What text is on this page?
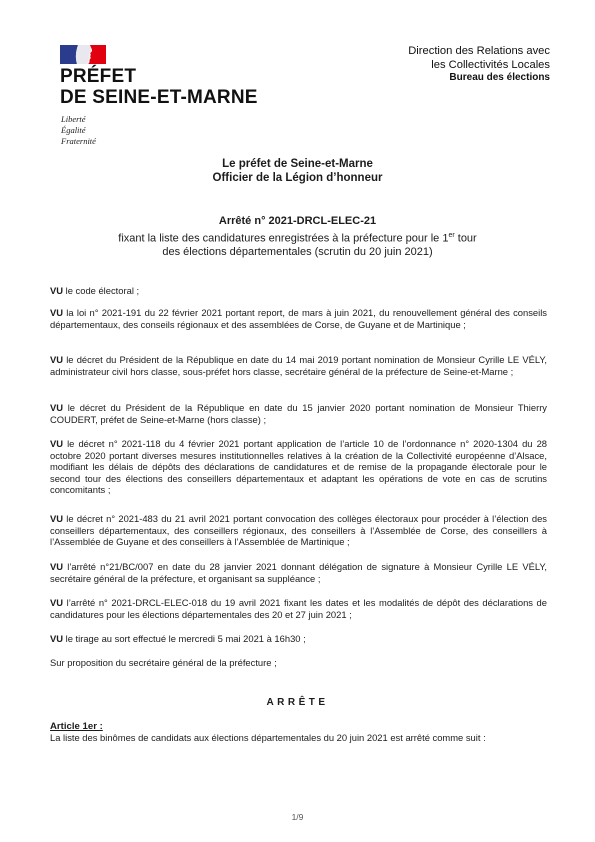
PRÉFET
DE SEINE-ET-MARNE
Liberté
Égalité
Fraternité
Direction des Relations avec
les Collectivités Locales
Bureau des élections
Le préfet de Seine-et-Marne
Officier de la Légion d’honneur
Arrêté n° 2021-DRCL-ELEC-21
fixant la liste des candidatures enregistrées à la préfecture pour le 1er tour
des élections départementales (scrutin du 20 juin 2021)
VU le code électoral ;
VU la loi n° 2021-191 du 22 février 2021 portant report, de mars à juin 2021, du renouvellement général des conseils départementaux, des conseils régionaux et des assemblées de Corse, de Guyane et de Martinique ;
VU le décret du Président de la République en date du 14 mai 2019 portant nomination de Monsieur Cyrille LE VÉLY, administrateur civil hors classe, sous-préfet hors classe, secrétaire général de la préfecture de Seine-et-Marne ;
VU le décret du Président de la République en date du 15 janvier 2020 portant nomination de Monsieur Thierry COUDERT, préfet de Seine-et-Marne (hors classe) ;
VU le décret n° 2021-118 du 4 février 2021 portant application de l’article 10 de l’ordonnance n° 2020-1304 du 28 octobre 2020 portant diverses mesures institutionnelles relatives à la création de la Collectivité européenne d’Alsace, modifiant les délais de dépôts des déclarations de candidatures et de remise de la propagande électorale pour le second tour des élections des conseillers départementaux et adaptant les opérations de vote en cas de scrutins concomitants ;
VU le décret n° 2021-483 du 21 avril 2021 portant convocation des collèges électoraux pour procéder à l’élection des conseillers départementaux, des conseillers régionaux, des conseillers à l’Assemblée de Corse, des conseillers à l’Assemblée de Guyane et des conseillers à l’Assemblée de Martinique ;
VU l’arrêté n°21/BC/007 en date du 28 janvier 2021 donnant délégation de signature à Monsieur Cyrille LE VÉLY, secrétaire général de la préfecture, et organisant sa suppléance ;
VU l’arrêté n° 2021-DRCL-ELEC-018 du 19 avril 2021 fixant les dates et les modalités de dépôt des déclarations de candidatures pour les élections départementales des 20 et 27 juin 2021 ;
VU le tirage au sort effectué le mercredi 5 mai 2021 à 16h30 ;
Sur proposition du secrétaire général de la préfecture ;
ARRÊTE
Article 1er :
La liste des binômes de candidats aux élections départementales du 20 juin 2021 est arrêté comme suit :
1/9
